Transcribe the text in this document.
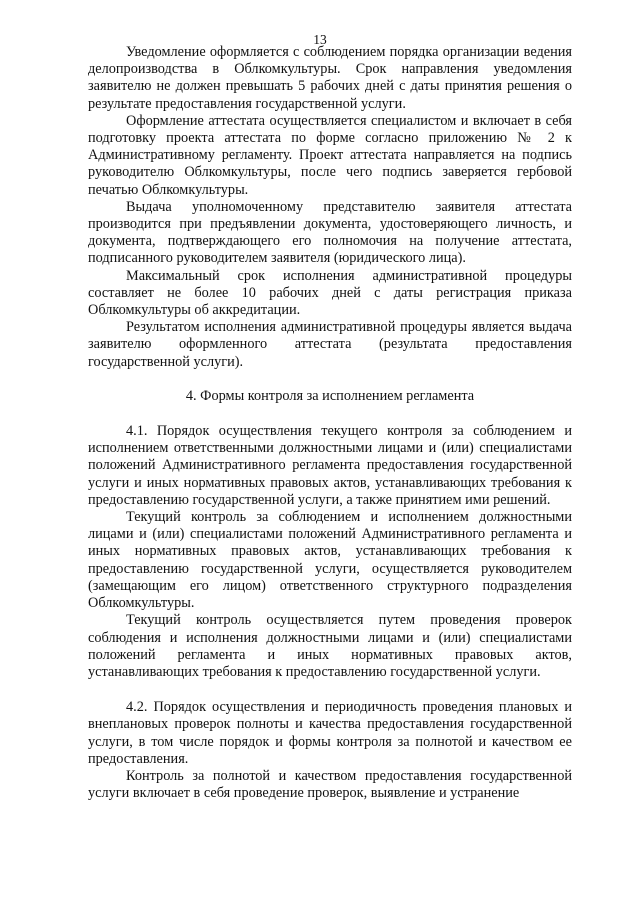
13

Уведомление оформляется с соблюдением порядка организации ведения делопроизводства в Облкомкультуры. Срок направления уведомления заявителю не должен превышать 5 рабочих дней с даты принятия решения о результате предоставления государственной услуги.

Оформление аттестата осуществляется специалистом и включает в себя подготовку проекта аттестата по форме согласно приложению № 2 к Административному регламенту. Проект аттестата направляется на подпись руководителю Облкомкультуры, после чего подпись заверяется гербовой печатью Облкомкультуры.

Выдача уполномоченному представителю заявителя аттестата производится при предъявлении документа, удостоверяющего личность, и документа, подтверждающего его полномочия на получение аттестата, подписанного руководителем заявителя (юридического лица).

Максимальный срок исполнения административной процедуры составляет не более 10 рабочих дней с даты регистрация приказа Облкомкультуры об аккредитации.

Результатом исполнения административной процедуры является выдача заявителю оформленного аттестата (результата предоставления государственной услуги).

4. Формы контроля за исполнением регламента

4.1. Порядок осуществления текущего контроля за соблюдением и исполнением ответственными должностными лицами и (или) специалистами положений Административного регламента предоставления государственной услуги и иных нормативных правовых актов, устанавливающих требования к предоставлению государственной услуги, а также принятием ими решений.

Текущий контроль за соблюдением и исполнением должностными лицами и (или) специалистами положений Административного регламента и иных нормативных правовых актов, устанавливающих требования к предоставлению государственной услуги, осуществляется руководителем (замещающим его лицом) ответственного структурного подразделения Облкомкультуры.

Текущий контроль осуществляется путем проведения проверок соблюдения и исполнения должностными лицами и (или) специалистами положений регламента и иных нормативных правовых актов, устанавливающих требования к предоставлению государственной услуги.

4.2. Порядок осуществления и периодичность проведения плановых и внеплановых проверок полноты и качества предоставления государственной услуги, в том числе порядок и формы контроля за полнотой и качеством ее предоставления.

Контроль за полнотой и качеством предоставления государственной услуги включает в себя проведение проверок, выявление и устранение
